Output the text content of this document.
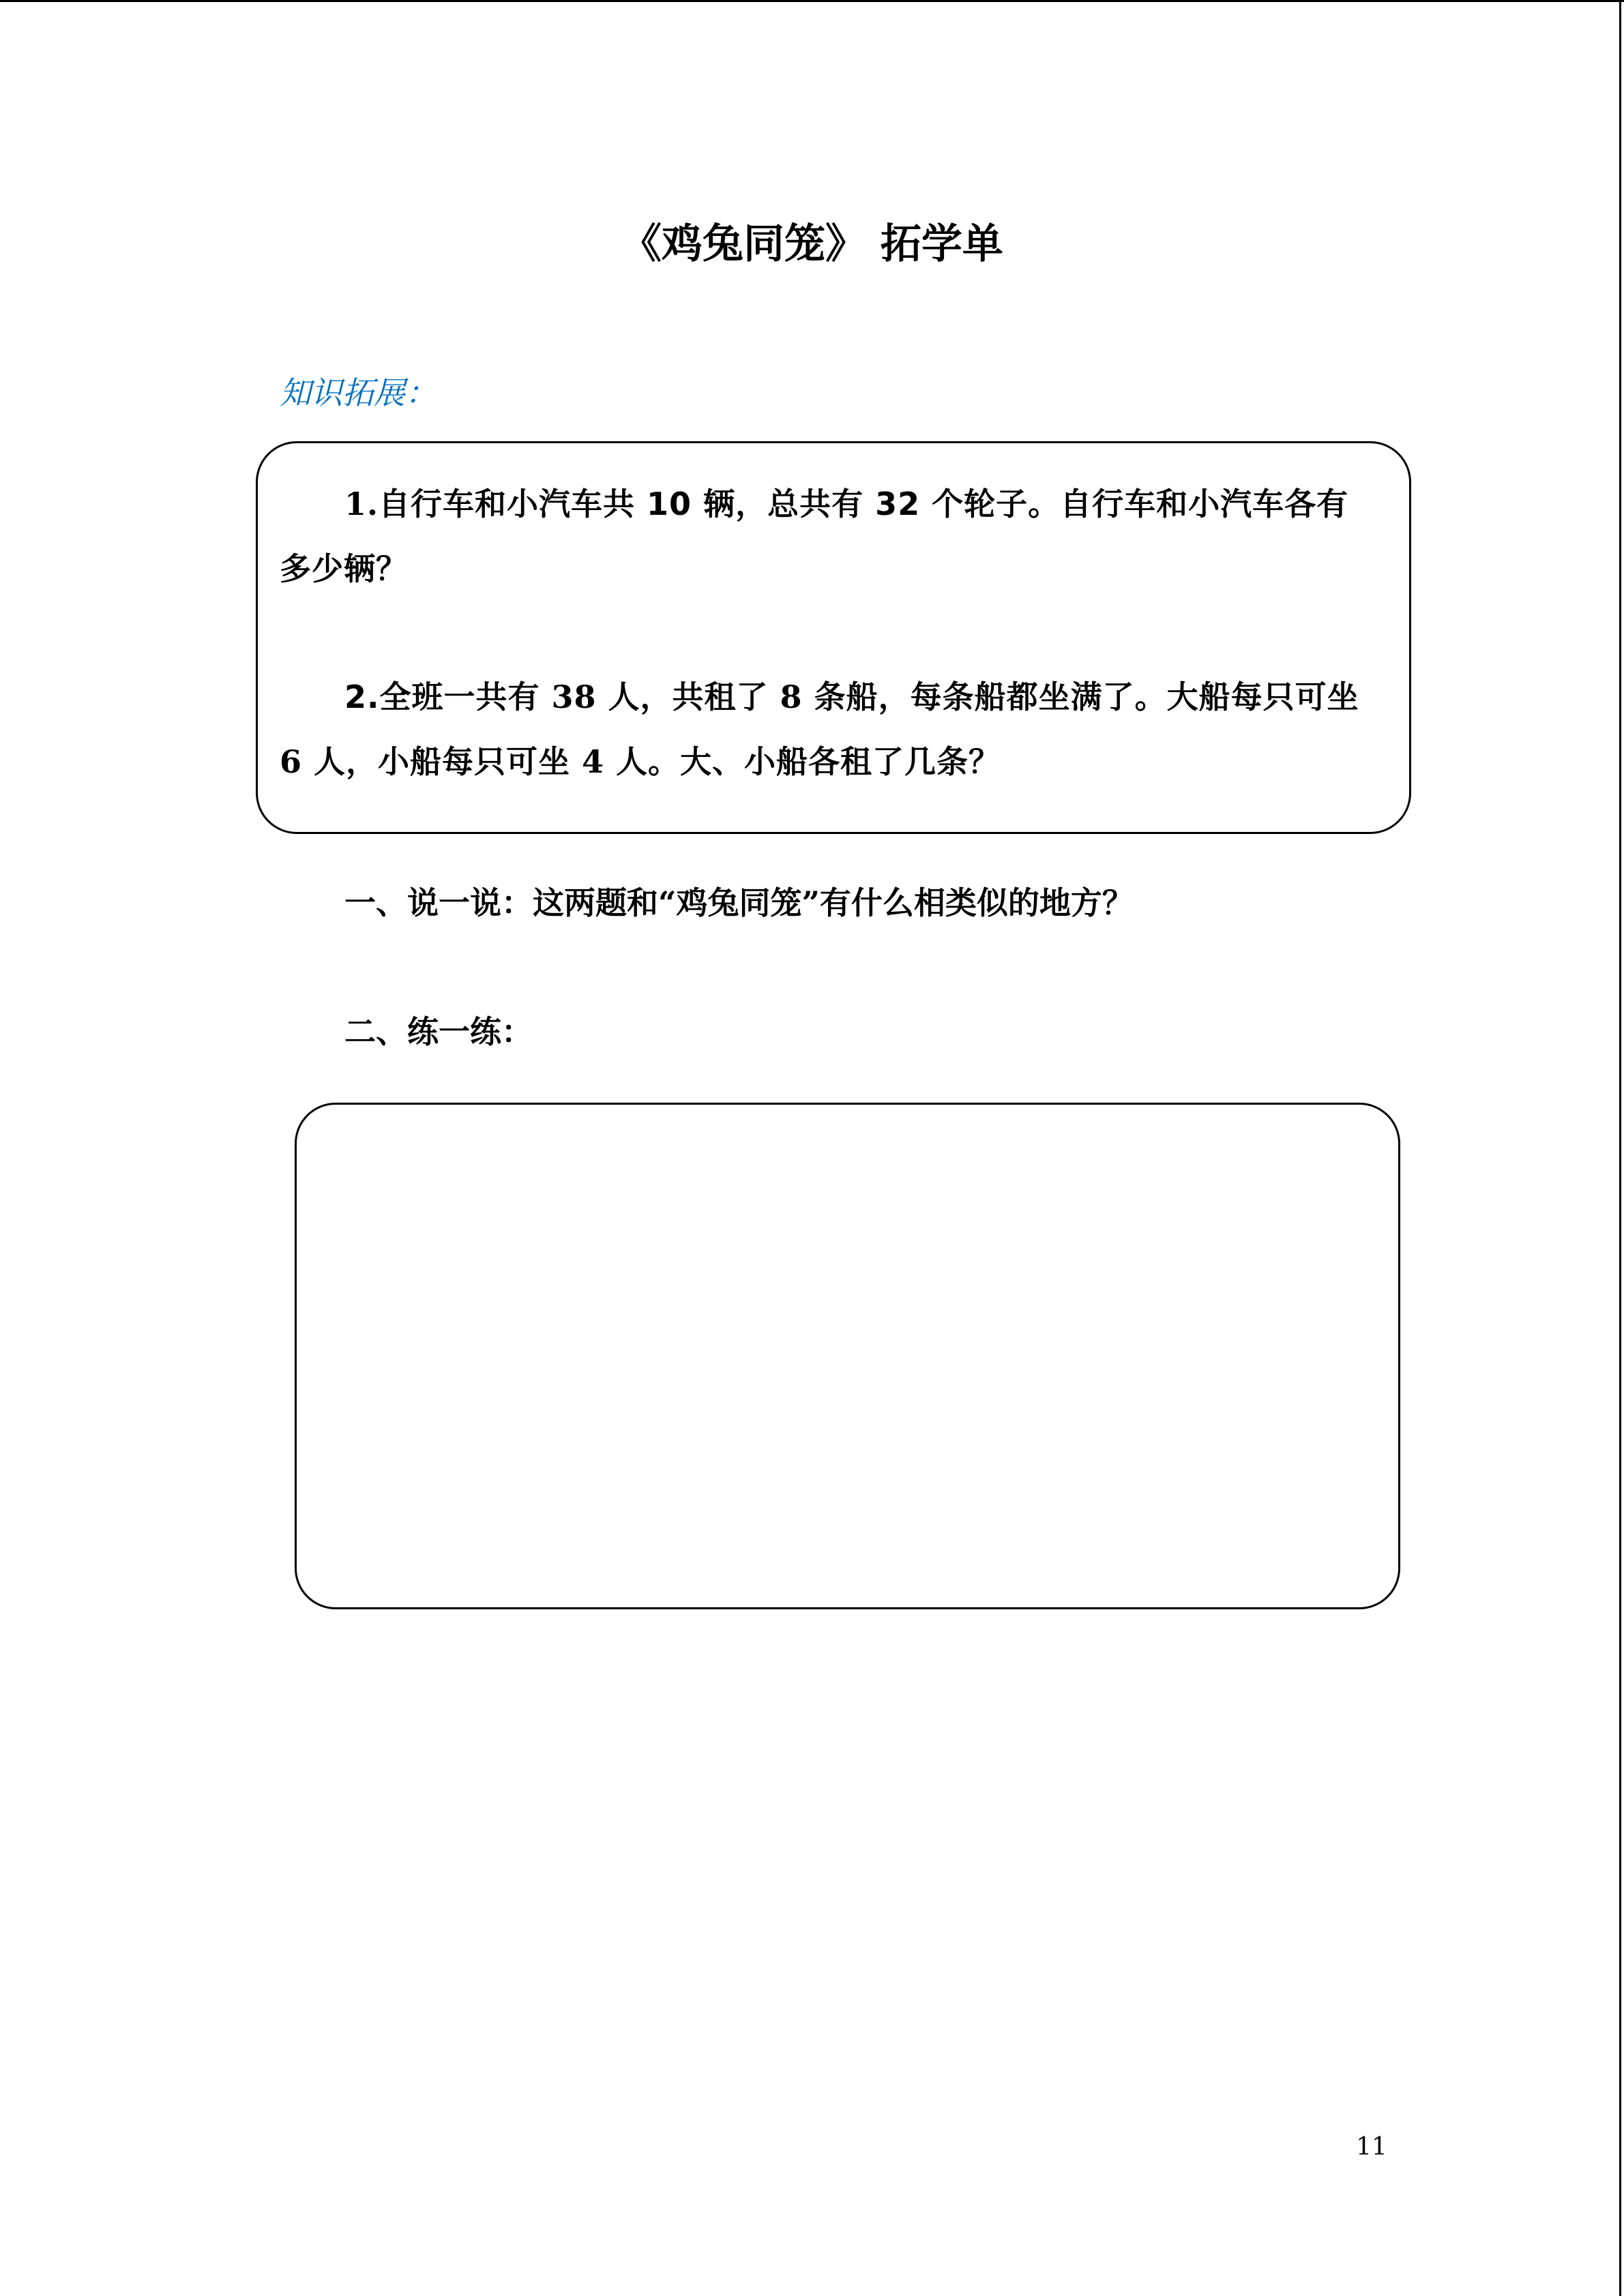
《鸡兔同笼》 拓学单
知识拓展：
1.自行车和小汽车共 10 辆，总共有 32 个轮子。自行车和小汽车各有多少辆？
2.全班一共有 38 人，共租了 8 条船，每条船都坐满了。大船每只可坐 6 人，小船每只可坐 4 人。大、小船各租了几条？
一、说一说：这两题和“鸡兔同笼”有什么相类似的地方？
二、练一练：
11
